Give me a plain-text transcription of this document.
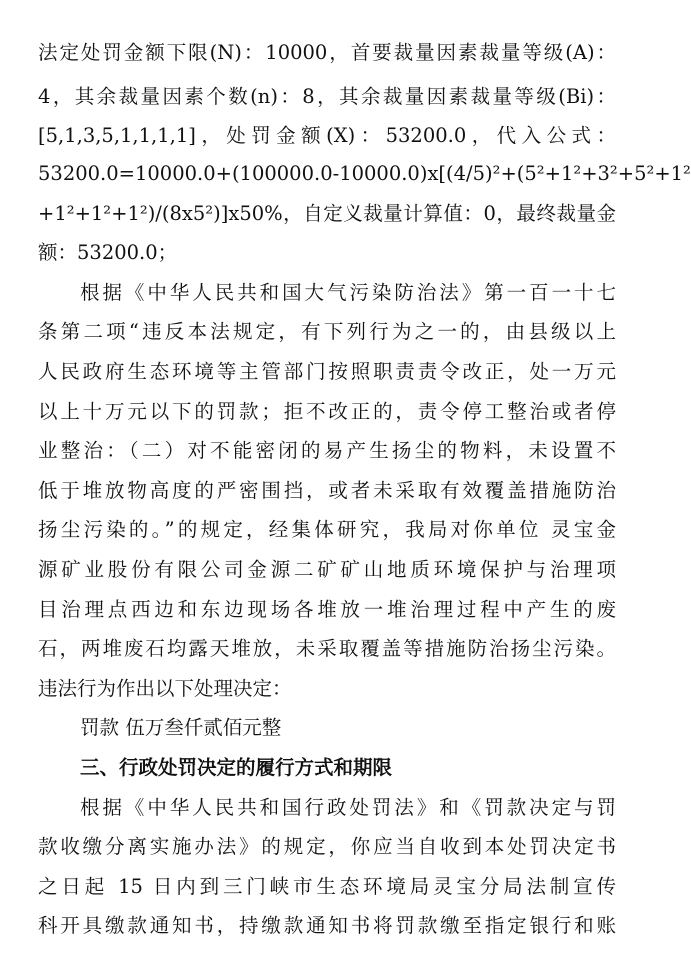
法定处罚金额下限(N)：10000，首要裁量因素裁量等级(A)：
4，其余裁量因素个数(n)：8，其余裁量因素裁量等级(Bi)：
[5,1,3,5,1,1,1,1]，处罚金额(X)：53200.0，代入公式：
53200.0=10000.0+(100000.0-10000.0)x[(4/5)²+(5²+1²+3²+5²+1²
+1²+1²+1²)/(8x5²)]x50%，自定义裁量计算值：0，最终裁量金
额：53200.0；
根据《中华人民共和国大气污染防治法》第一百一十七
条第二项“违反本法规定，有下列行为之一的，由县级以上
人民政府生态环境等主管部门按照职责责令改正，处一万元
以上十万元以下的罚款；拒不改正的，责令停工整治或者停
业整治：（二）对不能密闭的易产生扬尘的物料，未设置不
低于堆放物高度的严密围挡，或者未采取有效覆盖措施防治
扬尘污染的。”的规定，经集体研究，我局对你单位 灵宝金
源矿业股份有限公司金源二矿矿山地质环境保护与治理项
目治理点西边和东边现场各堆放一堆治理过程中产生的废
石，两堆废石均露天堆放，未采取覆盖等措施防治扬尘污染。
违法行为作出以下处理决定：
罚款 伍万叁仟贰佰元整
三、行政处罚决定的履行方式和期限
根据《中华人民共和国行政处罚法》和《罚款决定与罚
款收缴分离实施办法》的规定，你应当自收到本处罚决定书
之日起 15 日内到三门峡市生态环境局灵宝分局法制宣传
科开具缴款通知书，持缴款通知书将罚款缴至指定银行和账
